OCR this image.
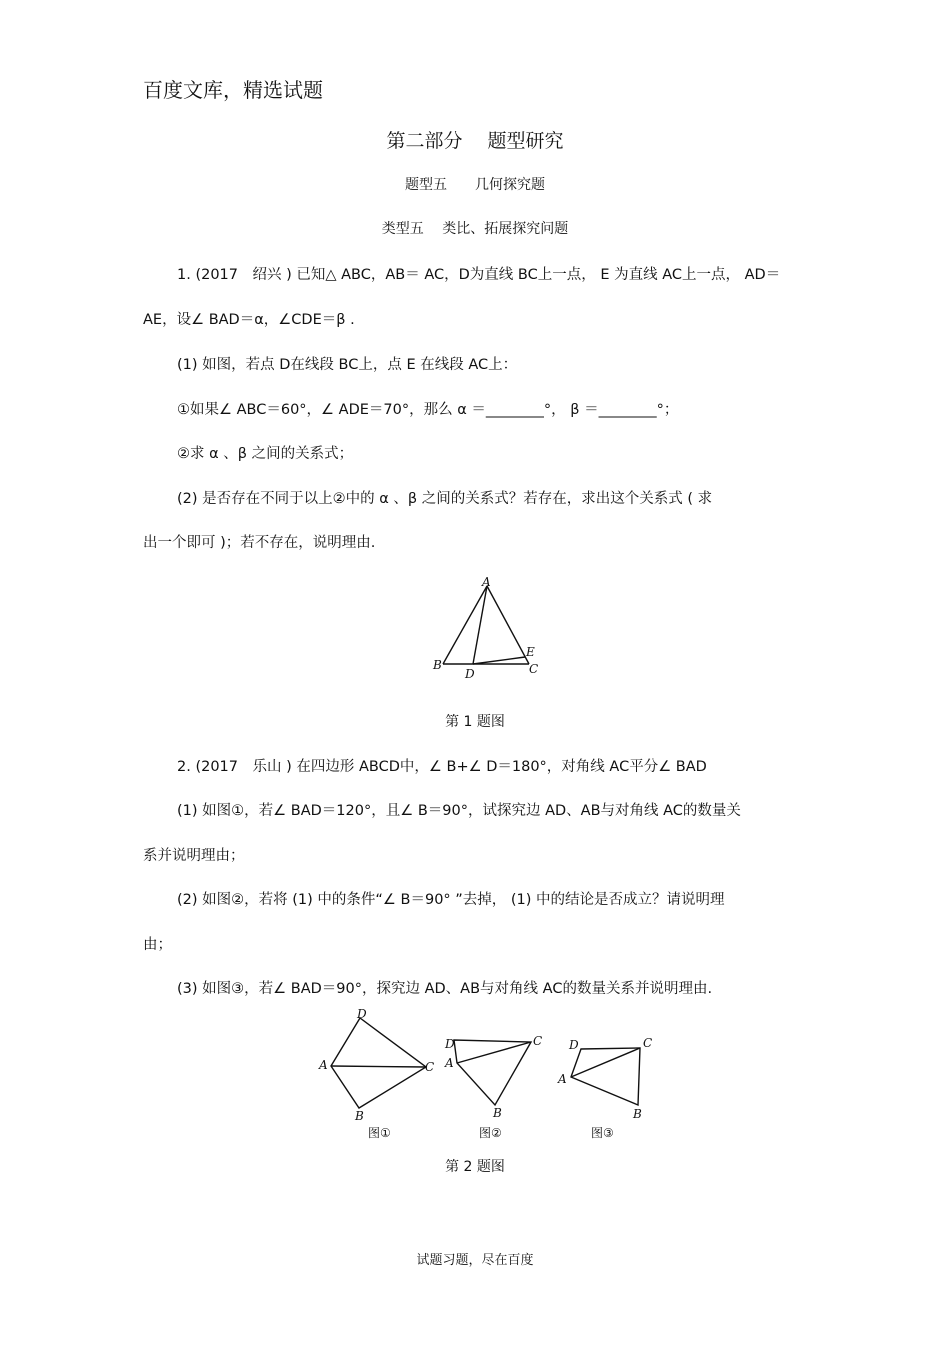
百度文库，精选试题
第二部分　 题型研究
题型五　　几何探究题
类型五　 类比、拓展探究问题
1. (2017　绍兴 ) 已知△ ABC，AB＝ AC，D为直线 BC上一点， E 为直线 AC上一点， AD＝
AE，设∠ BAD＝α，∠CDE＝β .
(1) 如图，若点 D在线段 BC上，点 E 在线段 AC上：
①如果∠ ABC＝60°，∠ ADE＝70°，那么 α ＝________°， β ＝________°；
②求 α 、β 之间的关系式；
(2) 是否存在不同于以上②中的 α 、β 之间的关系式？若存在，求出这个关系式 ( 求
出一个即可 )；若不存在，说明理由.
A
B	C
D
E
第 1 题图
2. (2017　乐山 ) 在四边形 ABCD中，∠ B+∠ D＝180°，对角线 AC平分∠ BAD
(1) 如图①，若∠ BAD＝120°，且∠ B＝90°，试探究边 AD、AB与对角线 AC的数量关
系并说明理由；
(2) 如图②，若将 (1) 中的条件“∠ B＝90° ”去掉， (1) 中的结论是否成立？请说明理
由；
(3) 如图③，若∠ BAD＝90°，探究边 AD、AB与对角线 AC的数量关系并说明理由.
D
A
B
C
图①
D
A
B
C
图②
D
A
B
C
图③
第 2 题图
试题习题，尽在百度
